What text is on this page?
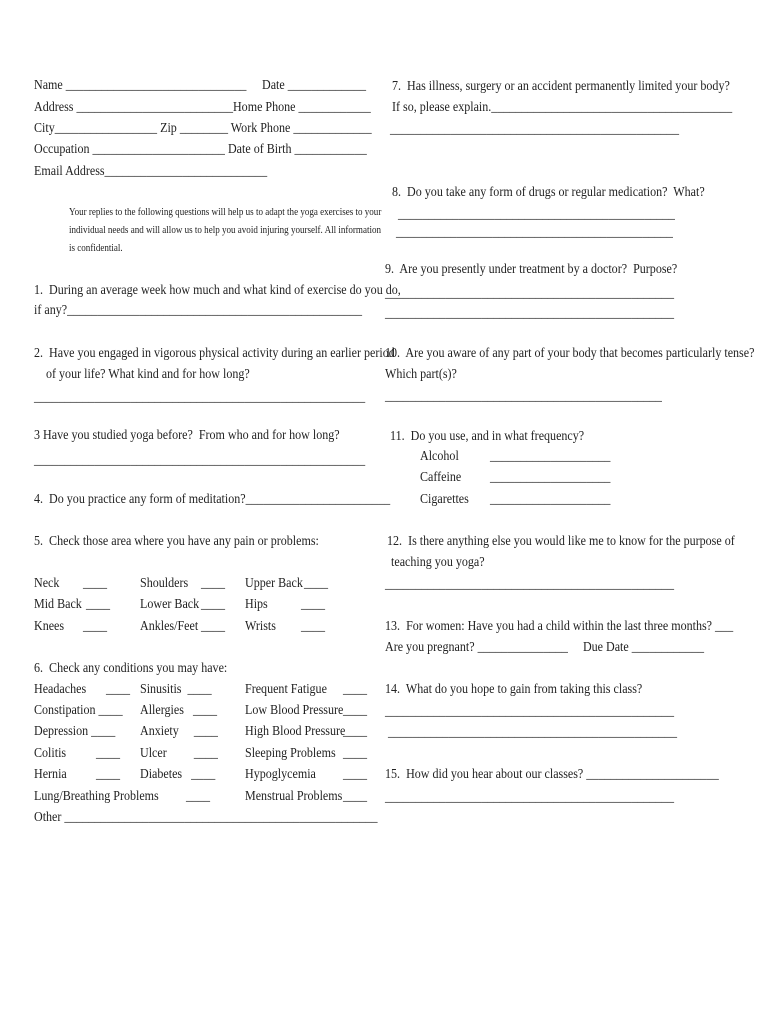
Name ______________________________ Date _____________
Address __________________________Home Phone ____________
City_________________ Zip ________ Work Phone _____________
Occupation ______________________ Date of Birth ____________
Email Address___________________________
Your replies to the following questions will help us to adapt the yoga exercises to your
individual needs and will allow us to help you avoid injuring yourself. All information
is confidential.
1.  During an average week how much and what kind of exercise do you do,
if any?_________________________________________________
2.  Have you engaged in vigorous physical activity during an earlier period
of your life? What kind and for how long?
_______________________________________________________
3 Have you studied yoga before?  From who and for how long?
_______________________________________________________
4.  Do you practice any form of meditation?________________________
5.  Check those area where you have any pain or problems:
Neck ____
Mid Back ____
Knees ____
Shoulders ____
Lower Back ____
Ankles/Feet ____
Upper Back ____
Hips ____
Wrists ____
6.  Check any conditions you may have:
Headaches ____
Constipation ____
Depression ____
Colitis ____
Hernia ____
Sinusitis  ____
Allergies   ____
Anxiety     ____
Ulcer         ____
Diabetes   ____
Frequent Fatigue ____
Low Blood Pressure ____
High Blood Pressure
____
Sleeping Problems ____
Hypoglycemia ____
Menstrual Problems ____
Lung/Breathing Problems ____
Other ____________________________________________________
7.  Has illness, surgery or an accident permanently limited your body?
If so, please explain.________________________________________
________________________________________________
8.  Do you take any form of drugs or regular medication?  What?
______________________________________________
______________________________________________
9.  Are you presently under treatment by a doctor?  Purpose?
________________________________________________
________________________________________________
10.  Are you aware of any part of your body that becomes particularly tense?
Which part(s)?
______________________________________________
11.  Do you use, and in what frequency?
Alcohol ____________________
Caffeine ____________________
Cigarettes ____________________
12.  Is there anything else you would like me to know for the purpose of
teaching you yoga?
________________________________________________
13.  For women: Have you had a child within the last three months? ___
Are you pregnant? _______________     Due Date ____________
14.  What do you hope to gain from taking this class?
________________________________________________
________________________________________________
15.  How did you hear about our classes? ______________________
________________________________________________
